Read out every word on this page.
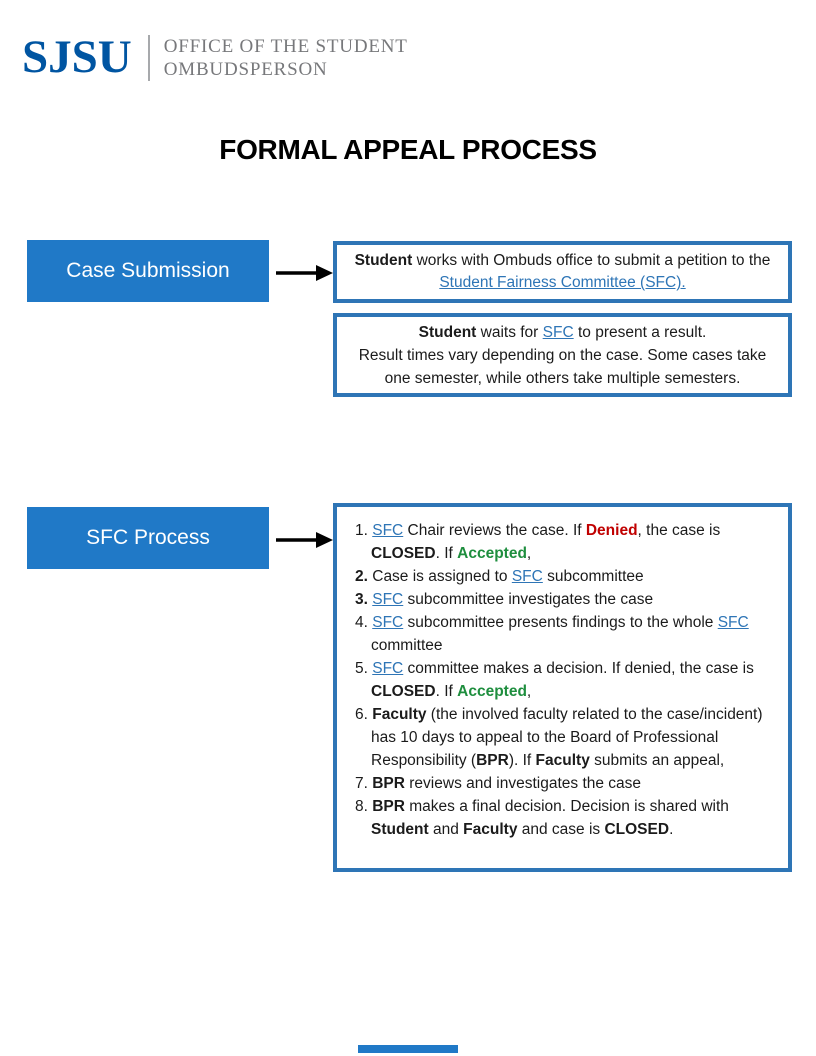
SJSU OFFICE OF THE STUDENT
OMBUDSPERSON
FORMAL APPEAL PROCESS
Case Submission	Student works with Ombuds office to submit a petition to the
Student Fairness Committee (SFC).
Student waits for SFC to present a result.
Result times vary depending on the case. Some cases take
one semester, while others take multiple semesters.
SFC Process	1. SFC Chair reviews the case. If Denied, the case is
CLOSED. If Accepted,
2. Case is assigned to SFC subcommittee
3. SFC subcommittee investigates the case
4. SFC subcommittee presents findings to the whole SFC
committee
5. SFC committee makes a decision. If denied, the case is
CLOSED. If Accepted,
6. Faculty (the involved faculty related to the case/incident)
has 10 days to appeal to the Board of Professional
Responsibility (BPR). If Faculty submits an appeal,
7. BPR reviews and investigates the case
8. BPR makes a final decision. Decision is shared with
Student and Faculty and case is CLOSED.
